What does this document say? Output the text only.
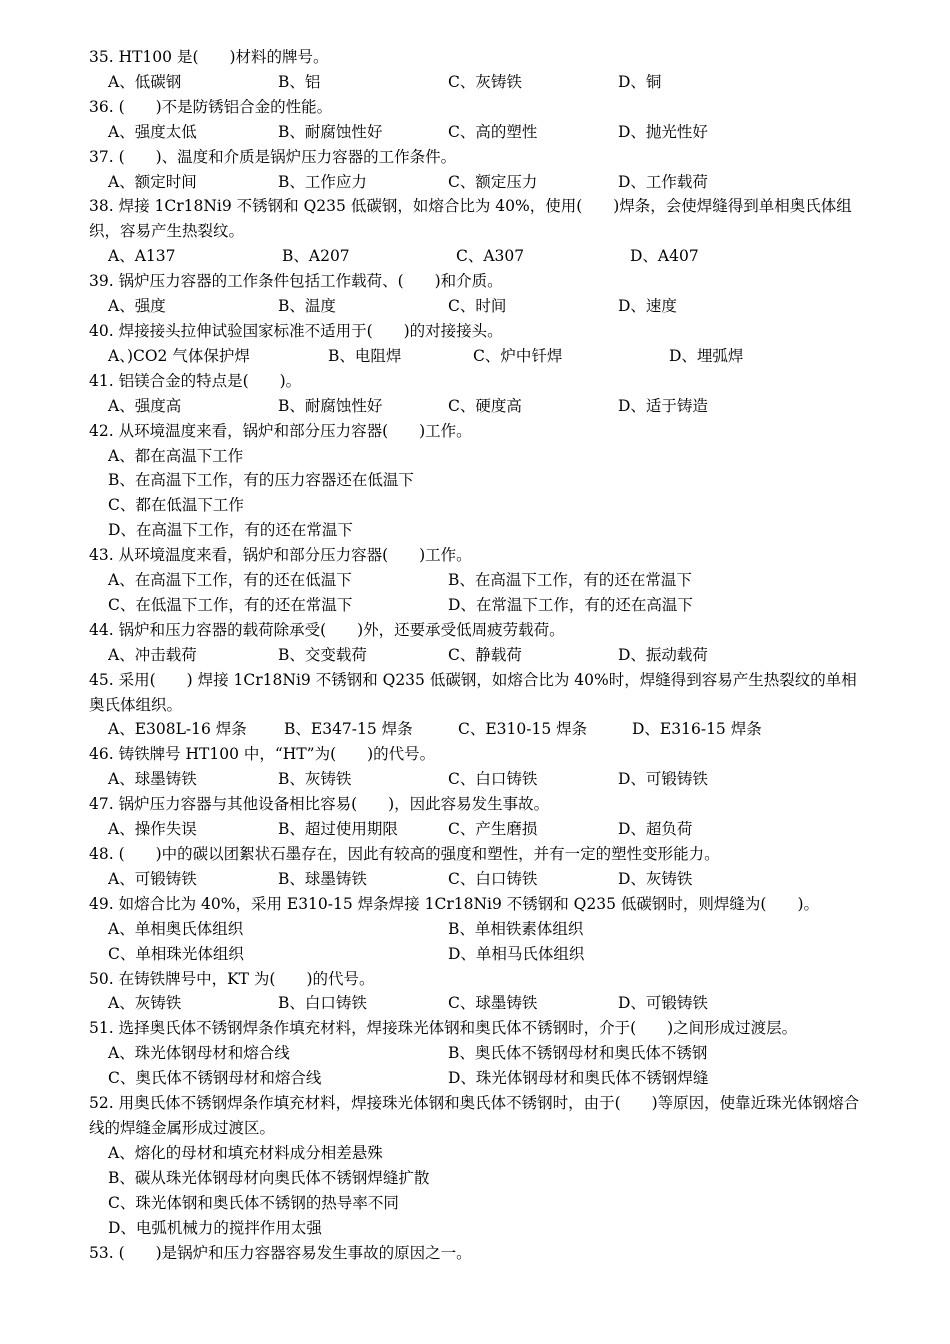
35. HT100 是(　　)材料的牌号。
A、低碳钢	B、铝	C、灰铸铁	D、铜
36. (　　)不是防锈铝合金的性能。
A、强度太低	B、耐腐蚀性好	C、高的塑性	D、抛光性好
37. (　　)、温度和介质是锅炉压力容器的工作条件。
A、额定时间	B、工作应力	C、额定压力	D、工作载荷
38. 焊接 1Cr18Ni9 不锈钢和 Q235 低碳钢，如熔合比为 40%，使用(　　)焊条，会使焊缝得到单相奥氏体组织，容易产生热裂纹。
A、A137	B、A207	C、A307	D、A407
39. 锅炉压力容器的工作条件包括工作载荷、(　　)和介质。
A、强度	B、温度	C、时间	D、速度
40. 焊接接头拉伸试验国家标准不适用于(　　)的对接接头。
A、)CO2 气体保护焊	B、电阻焊	C、炉中钎焊	D、埋弧焊
41. 铝镁合金的特点是(　　)。
A、强度高	B、耐腐蚀性好	C、硬度高	D、适于铸造
42. 从环境温度来看，锅炉和部分压力容器(　　)工作。
A、都在高温下工作
B、在高温下工作，有的压力容器还在低温下
C、都在低温下工作
D、在高温下工作，有的还在常温下
43. 从环境温度来看，锅炉和部分压力容器(　　)工作。
A、在高温下工作，有的还在低温下	B、在高温下工作，有的还在常温下
C、在低温下工作，有的还在常温下	D、在常温下工作，有的还在高温下
44. 锅炉和压力容器的载荷除承受(　　)外，还要承受低周疲劳载荷。
A、冲击载荷	B、交变载荷	C、静载荷	D、振动载荷
45. 采用(　　) 焊接 1Cr18Ni9 不锈钢和 Q235 低碳钢，如熔合比为 40%时，焊缝得到容易产生热裂纹的单相奥氏体组织。
A、E308L-16 焊条	B、E347-15 焊条	C、E310-15 焊条	D、E316-15 焊条
46. 铸铁牌号 HT100 中，“HT”为(　　)的代号。
A、球墨铸铁	B、灰铸铁	C、白口铸铁	D、可锻铸铁
47. 锅炉压力容器与其他设备相比容易(　　)，因此容易发生事故。
A、操作失误	B、超过使用期限	C、产生磨损	D、超负荷
48. (　　)中的碳以团絮状石墨存在，因此有较高的强度和塑性，并有一定的塑性变形能力。
A、可锻铸铁	B、球墨铸铁	C、白口铸铁	D、灰铸铁
49. 如熔合比为 40%，采用 E310-15 焊条焊接 1Cr18Ni9 不锈钢和 Q235 低碳钢时，则焊缝为(　　)。
A、单相奥氏体组织	B、单相铁素体组织
C、单相珠光体组织	D、单相马氏体组织
50. 在铸铁牌号中，KT 为(　　)的代号。
A、灰铸铁	B、白口铸铁	C、球墨铸铁	D、可锻铸铁
51. 选择奥氏体不锈钢焊条作填充材料，焊接珠光体钢和奥氏体不锈钢时，介于(　　)之间形成过渡层。
A、珠光体钢母材和熔合线	B、奥氏体不锈钢母材和奥氏体不锈钢
C、奥氏体不锈钢母材和熔合线	D、珠光体钢母材和奥氏体不锈钢焊缝
52. 用奥氏体不锈钢焊条作填充材料，焊接珠光体钢和奥氏体不锈钢时，由于(　　)等原因，使靠近珠光体钢熔合线的焊缝金属形成过渡区。
A、熔化的母材和填充材料成分相差悬殊
B、碳从珠光体钢母材向奥氏体不锈钢焊缝扩散
C、珠光体钢和奥氏体不锈钢的热导率不同
D、电弧机械力的搅拌作用太强
53. (　　)是锅炉和压力容器容易发生事故的原因之一。
